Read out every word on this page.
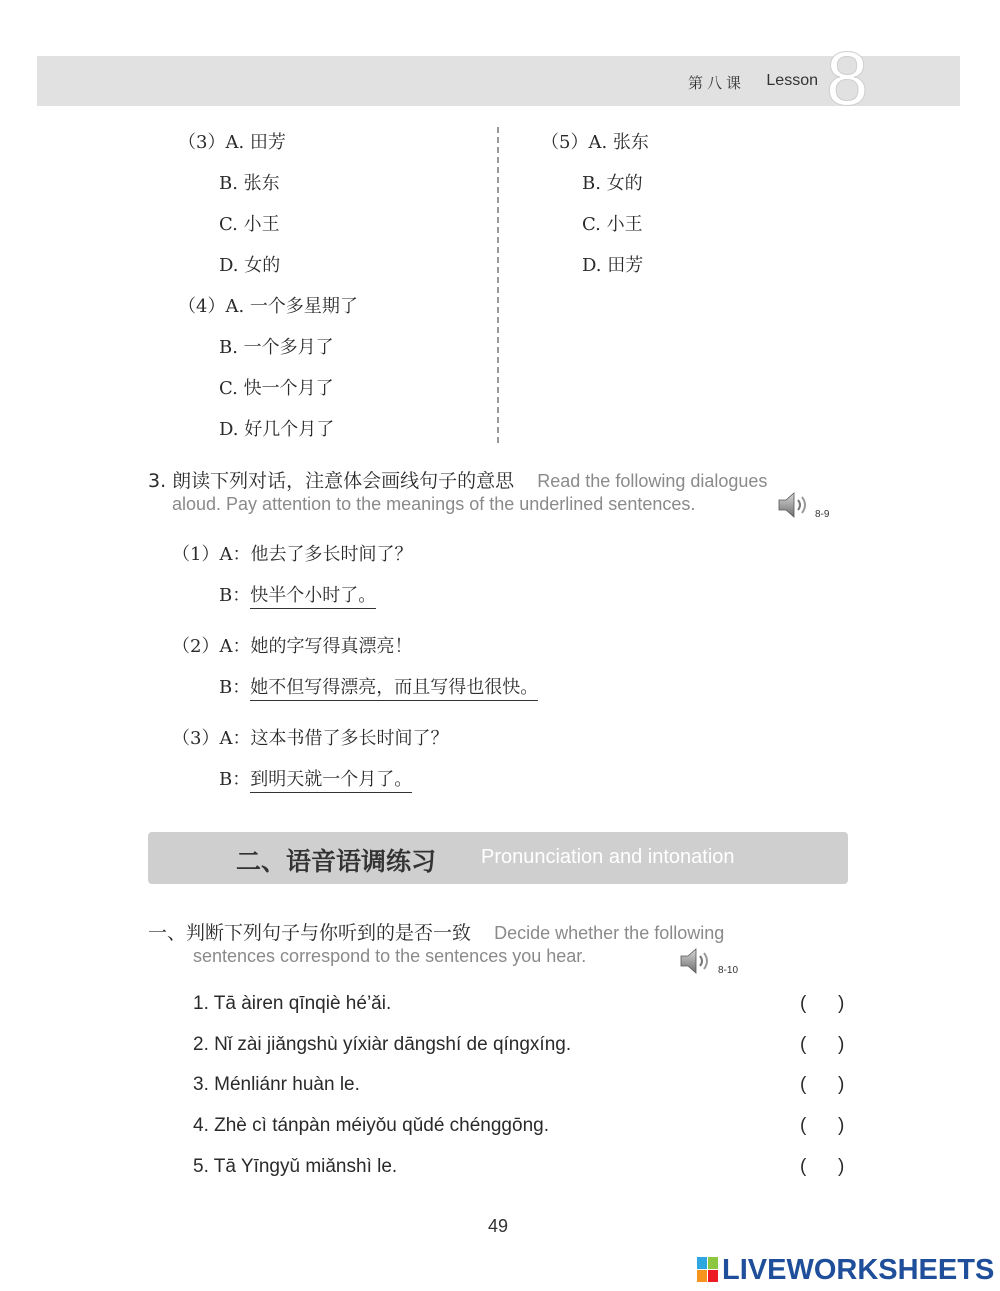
第八课 Lesson 8
（3）A. 田芳
B. 张东
C. 小王
D. 女的
（4）A. 一个多星期了
B. 一个多月了
C. 快一个月了
D. 好几个月了
（5）A. 张东
B. 女的
C. 小王
D. 田芳
3. 朗读下列对话，注意体会画线句子的意思 Read the following dialogues
aloud. Pay attention to the meanings of the underlined sentences.
8-9
（1）A：他去了多长时间了？
B：快半个小时了。
（2）A：她的字写得真漂亮！
B：她不但写得漂亮，而且写得也很快。
（3）A：这本书借了多长时间了？
B：到明天就一个月了。
二、语音语调练习 Pronunciation and intonation
一、判断下列句子与你听到的是否一致 Decide whether the following
sentences correspond to the sentences you hear.
8-10
1. Tā àiren qīnqiè hé’ǎi.	(      )
2. Nǐ zài jiǎngshù yíxiàr dāngshí de qíngxíng.	(      )
3. Ménliánr huàn le.	(      )
4. Zhè cì tánpàn méiyǒu qǔdé chénggōng.	(      )
5. Tā Yīngyǔ miǎnshì le.	(      )
49
LIVEWORKSHEETS
